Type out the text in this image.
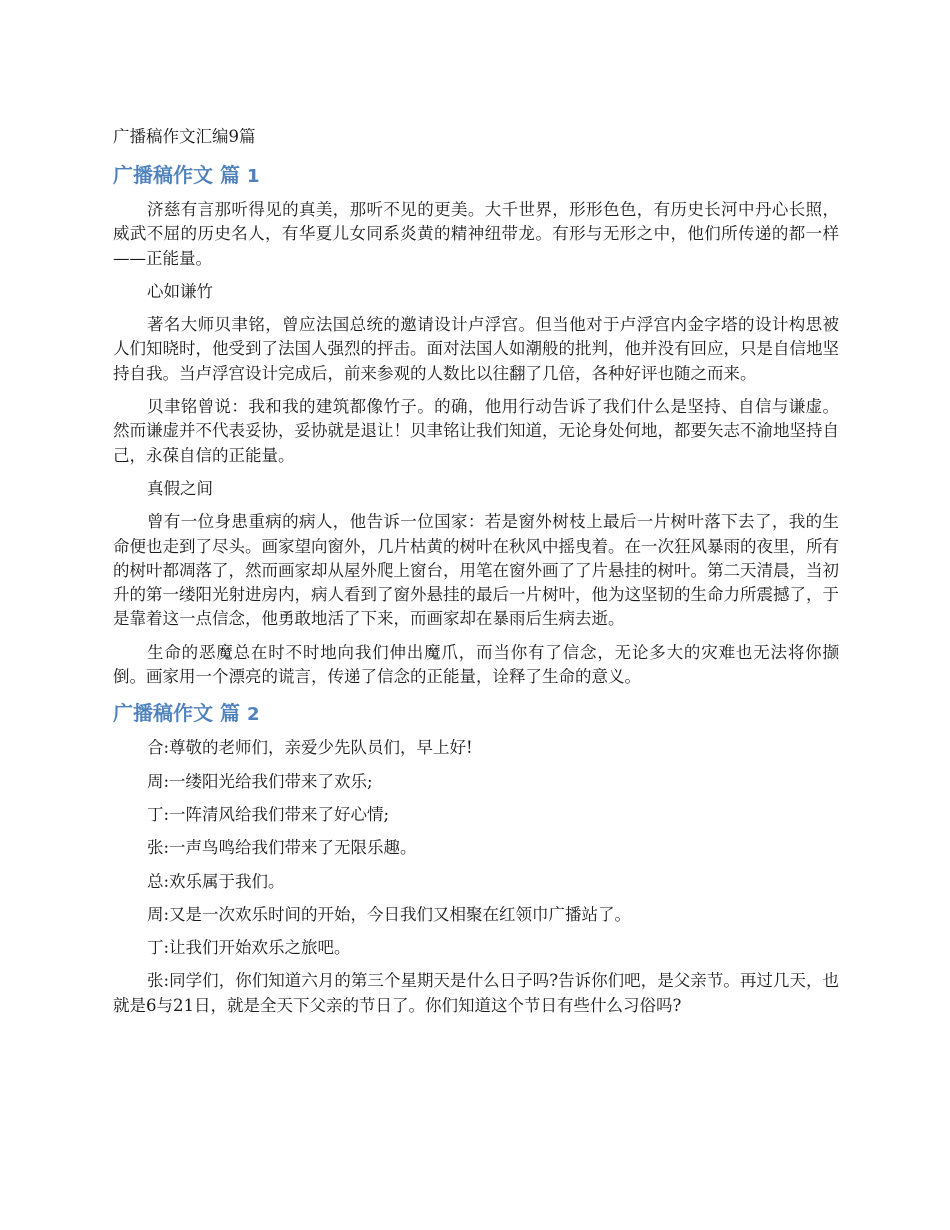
广播稿作文汇编9篇
广播稿作文 篇 1

济慈有言那听得见的真美，那听不见的更美。大千世界，形形色色，有历史长河中丹心长照，威武不屈的历史名人，有华夏儿女同系炎黄的精神纽带龙。有形与无形之中，他们所传递的都一样——正能量。

心如谦竹

著名大师贝聿铭，曾应法国总统的邀请设计卢浮宫。但当他对于卢浮宫内金字塔的设计构思被人们知晓时，他受到了法国人强烈的抨击。面对法国人如潮般的批判，他并没有回应，只是自信地坚持自我。当卢浮宫设计完成后，前来参观的人数比以往翻了几倍，各种好评也随之而来。

贝聿铭曾说：我和我的建筑都像竹子。的确，他用行动告诉了我们什么是坚持、自信与谦虚。然而谦虚并不代表妥协，妥协就是退让！贝聿铭让我们知道，无论身处何地，都要矢志不渝地坚持自己，永葆自信的正能量。

真假之间

曾有一位身患重病的病人，他告诉一位国家：若是窗外树枝上最后一片树叶落下去了，我的生命便也走到了尽头。画家望向窗外，几片枯黄的树叶在秋风中摇曳着。在一次狂风暴雨的夜里，所有的树叶都凋落了，然而画家却从屋外爬上窗台，用笔在窗外画了了片悬挂的树叶。第二天清晨，当初升的第一缕阳光射进房内，病人看到了窗外悬挂的最后一片树叶，他为这坚韧的生命力所震撼了，于是靠着这一点信念，他勇敢地活了下来，而画家却在暴雨后生病去逝。

生命的恶魔总在时不时地向我们伸出魔爪，而当你有了信念，无论多大的灾难也无法将你撷倒。画家用一个漂亮的谎言，传递了信念的正能量，诠释了生命的意义。

广播稿作文 篇 2

合:尊敬的老师们，亲爱少先队员们，早上好!

周:一缕阳光给我们带来了欢乐;

丁:一阵清风给我们带来了好心情;

张:一声鸟鸣给我们带来了无限乐趣。

总:欢乐属于我们。

周:又是一次欢乐时间的开始，今日我们又相聚在红领巾广播站了。

丁:让我们开始欢乐之旅吧。

张:同学们，你们知道六月的第三个星期天是什么日子吗?告诉你们吧，是父亲节。再过几天，也就是6与21日，就是全天下父亲的节日了。你们知道这个节日有些什么习俗吗?
